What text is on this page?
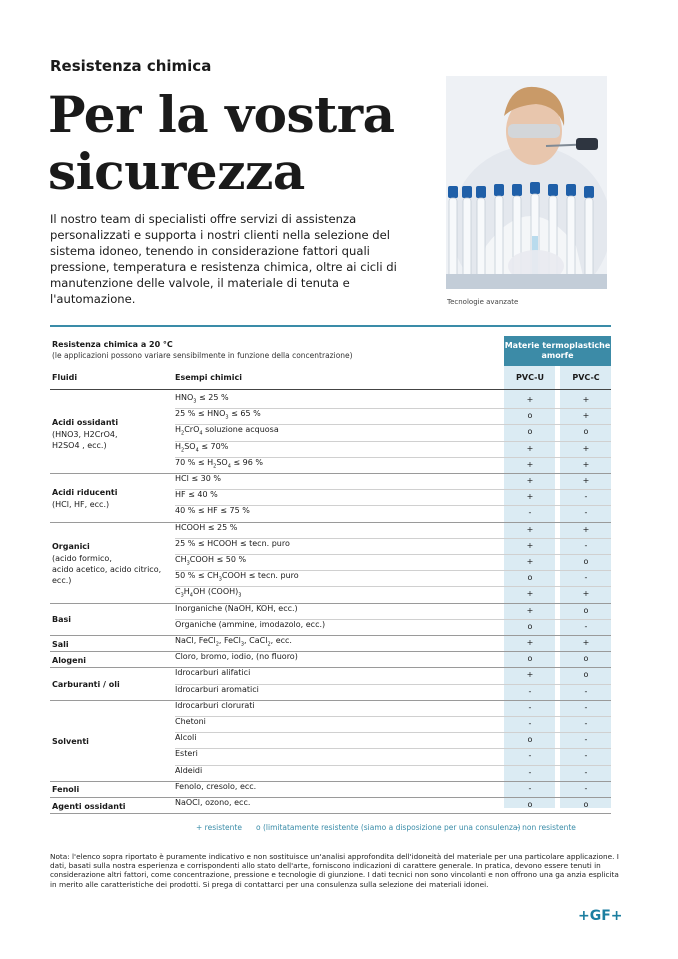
Resistenza chimica
Per la vostra
sicurezza

Il nostro team di specialisti offre servizi di assistenza personalizzati e supporta i nostri clienti nella selezione del sistema idoneo, tenendo in considerazione fattori quali pressione, temperatura e resistenza chimica, oltre ai cicli di manutenzione delle valvole, il materiale di tenuta e l'automazione.	Tecnologie avanzate
Resistenza chimica a 20 °C
(le applicazioni possono variare sensibilmente in funzione della concentrazione)
Materie termoplastiche amorfe
Fluidi	Esempi chimici	PVC-U	PVC-C
Acidi ossidanti
(HNO3, H2CrO4,
H2SO4 , ecc.)
Acidi riducenti
(HCl, HF, ecc.)
Organici
(acido formico,
acido acetico, acido citrico,
ecc.)
Basi
Sali
Alogeni
Carburanti / oli
Solventi
Fenoli
Agenti ossidanti
$HNO_3 \le 25$ %	+	+
25 % ≤ $HNO_3 \le 65$ %	o	+
$H_2CrO_4$ soluzione acquosa	o	o
$H_2SO_4 \le 70\%$	+	+
70 % ≤ $H_2SO_4 \le 96$ %	+	+
HCl ≤ 30 %	+	+
HF ≤ 40 %	+	-
40 % ≤ HF ≤ 75 %	-	-
HCOOH ≤ 25 %	+	+
25 % ≤ HCOOH ≤ tecn. puro	+	-
$CH_3COOH \le 50$ %	+	o
50 % ≤ $CH_3COOH$ ≤ tecn. puro	o	-
$C_3H_4OH$ $(COOH)_3$	+	+
Inorganiche (NaOH, KOH, ecc.)	+	o
Organiche (ammine, imodazolo, ecc.)	o	-
NaCl, FeCl$_2$, FeCl$_3$, CaCl$_2$, ecc.	+	+
Cloro, bromo, iodio, (no fluoro)	o	o
Idrocarburi alifatici	+	o
Idrocarburi aromatici	-	-
Idrocarburi clorurati	-	-
Chetoni	-	-
Alcoli	o	-
Esteri	-	-
Aldeidi	-	-
Fenolo, cresolo, ecc.	-	-
NaOCl, ozono, ecc.	o	o
+ resistente o (limitatamente resistente (siamo a disposizione per una consulenza)
– non resistente

Nota: l'elenco sopra riportato è puramente indicativo e non sostituisce un'analisi approfondita dell'idoneità del materiale per una particolare applicazione. I dati, basati sulla nostra esperienza e corrispondenti allo stato dell'arte, forniscono indicazioni di carattere generale. In pratica, devono essere tenuti in considerazione altri fattori, come concentrazione, pressione e tecnologie di giunzione. I dati tecnici non sono vincolanti e non offrono una ga anzia esplicita in merito alle caratteristiche dei prodotti. Si prega di contattarci per una consulenza sulla selezione dei materiali idonei.

+GF+
